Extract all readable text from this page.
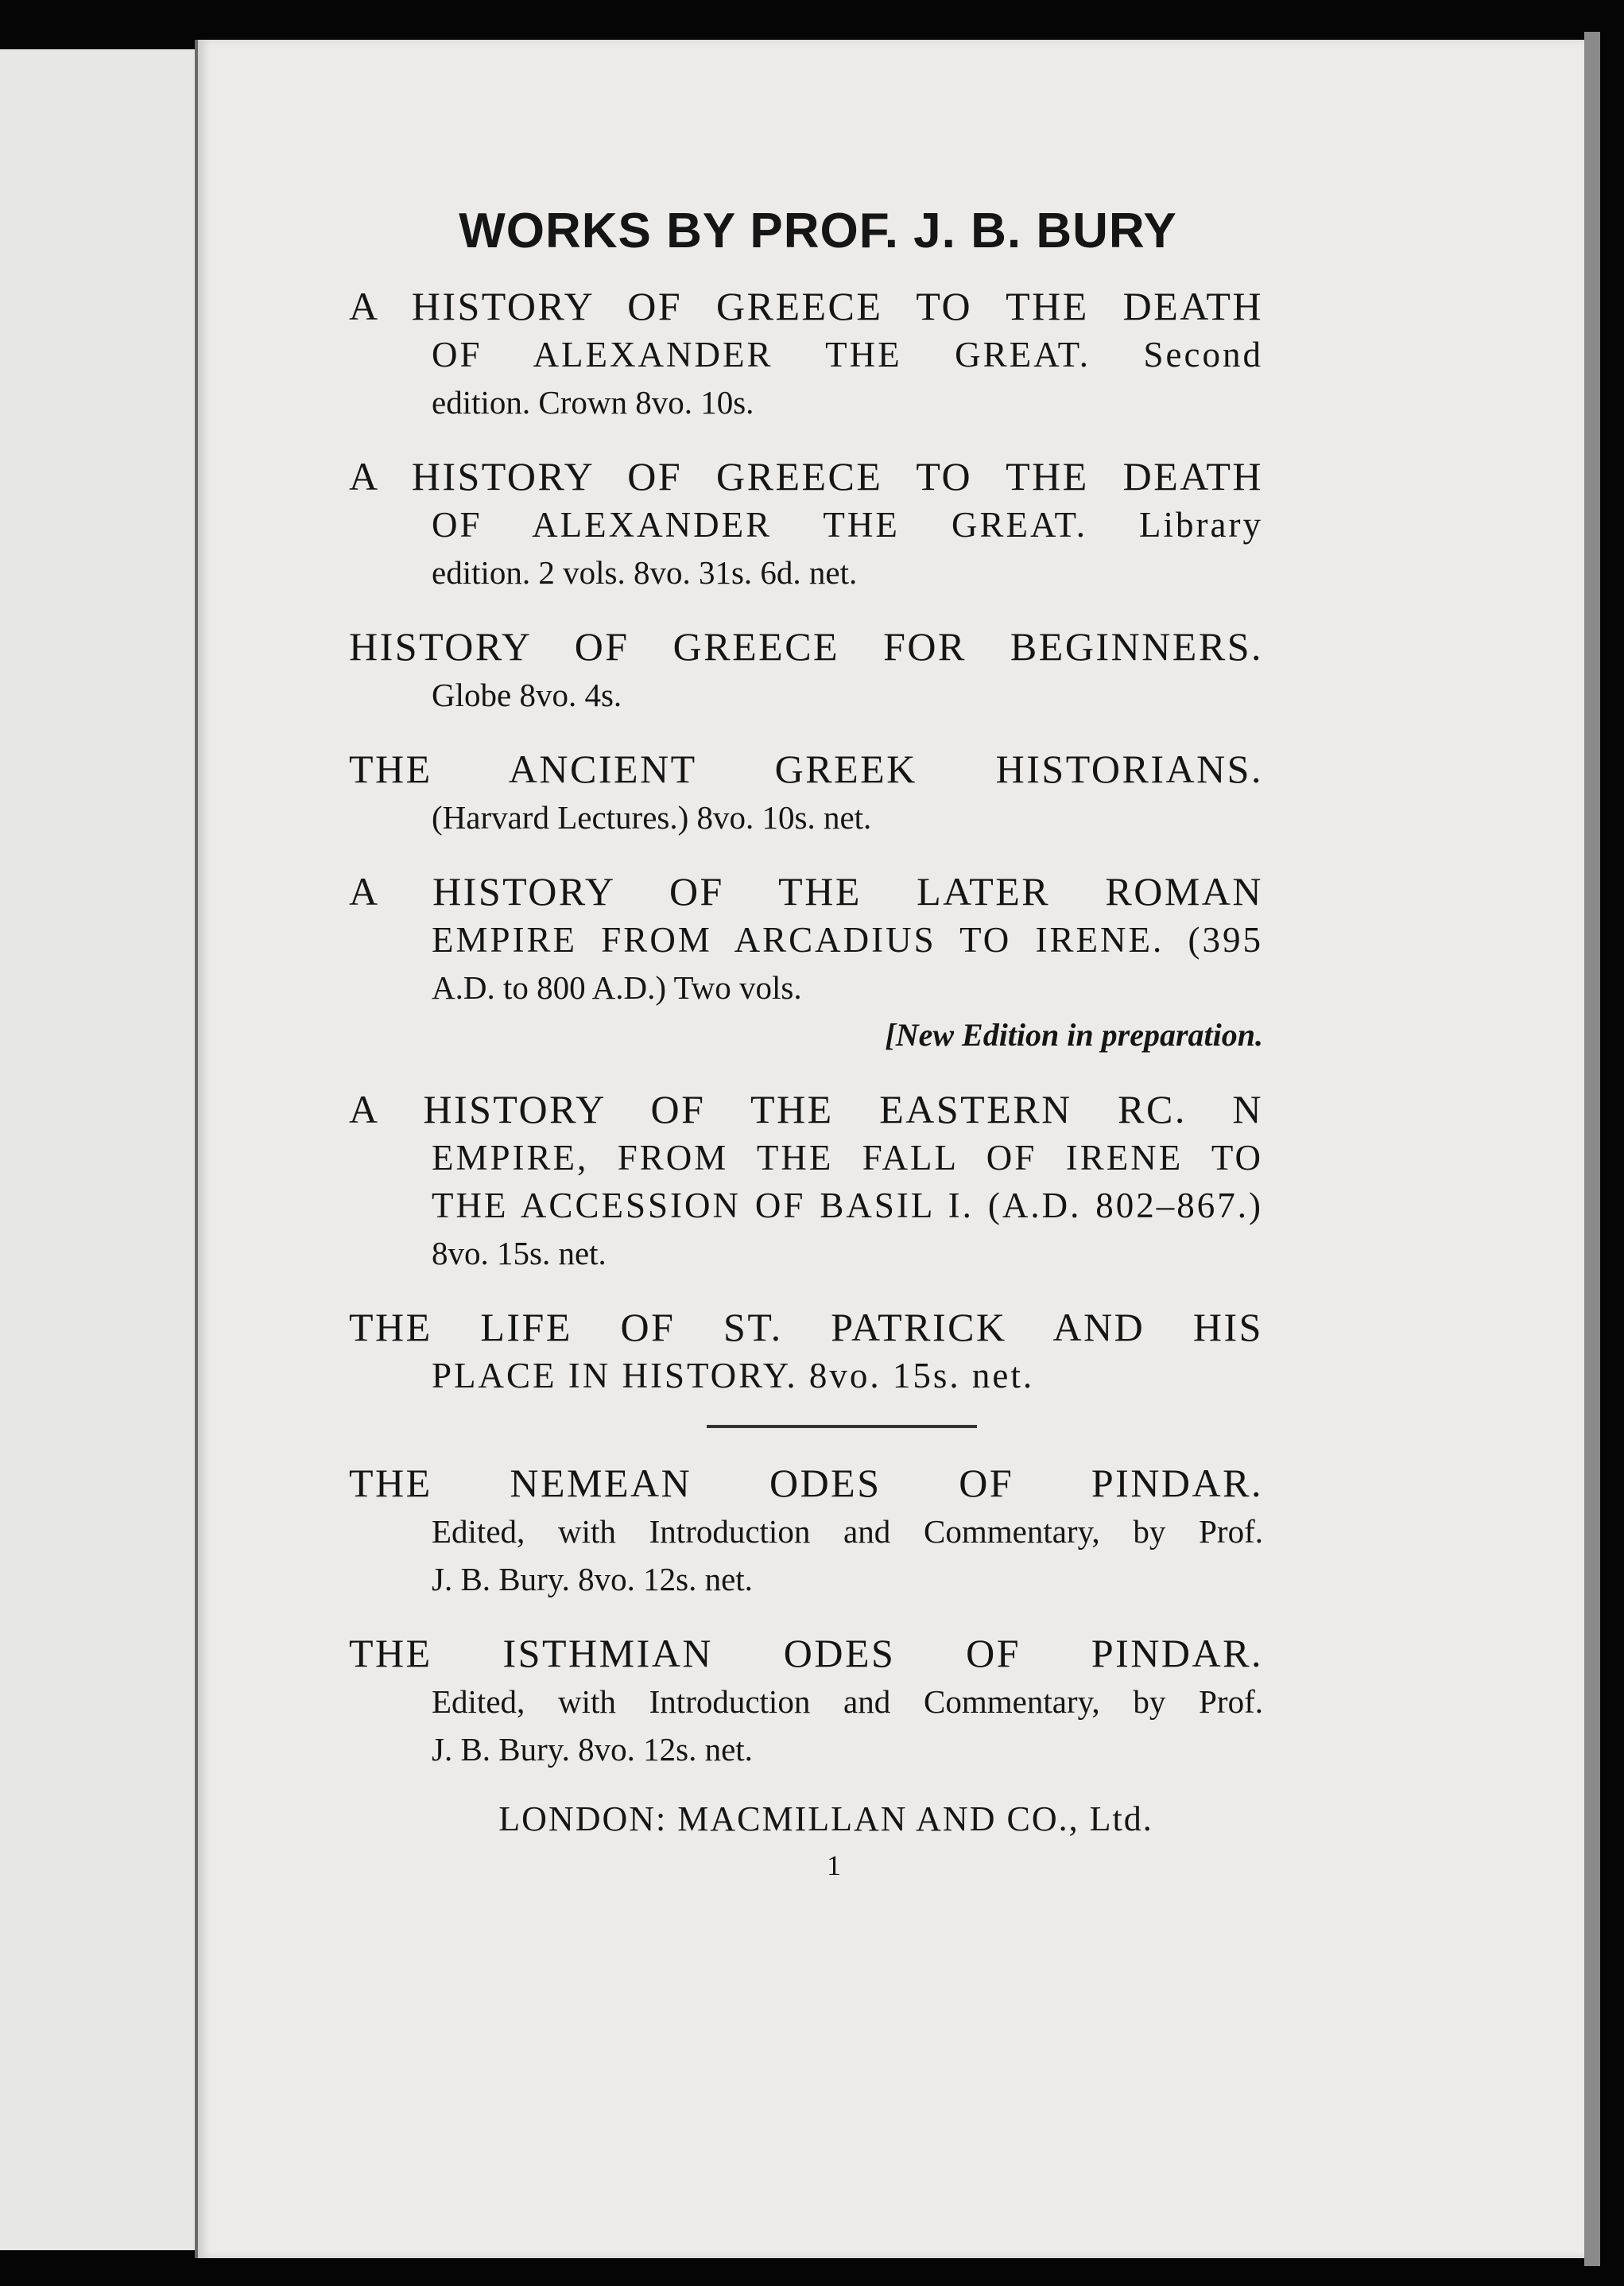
WORKS BY PROF. J. B. BURY
A HISTORY OF GREECE TO THE DEATH
OF ALEXANDER THE GREAT. Second
edition. Crown 8vo. 10s.
A HISTORY OF GREECE TO THE DEATH
OF ALEXANDER THE GREAT. Library
edition. 2 vols. 8vo. 31s. 6d. net.
HISTORY OF GREECE FOR BEGINNERS.
Globe 8vo. 4s.
THE ANCIENT GREEK HISTORIANS.
(Harvard Lectures.) 8vo. 10s. net.
A HISTORY OF THE LATER ROMAN
EMPIRE FROM ARCADIUS TO IRENE. (395
A.D. to 800 A.D.) Two vols.
[New Edition in preparation.
A HISTORY OF THE EASTERN RC. N
EMPIRE, FROM THE FALL OF IRENE TO
THE ACCESSION OF BASIL I. (A.D. 802–867.)
8vo. 15s. net.
THE LIFE OF ST. PATRICK AND HIS
PLACE IN HISTORY. 8vo. 15s. net.
THE NEMEAN ODES OF PINDAR.
Edited, with Introduction and Commentary, by Prof.
J. B. Bury. 8vo. 12s. net.
THE ISTHMIAN ODES OF PINDAR.
Edited, with Introduction and Commentary, by Prof.
J. B. Bury. 8vo. 12s. net.
LONDON: MACMILLAN AND CO., Ltd.
1
